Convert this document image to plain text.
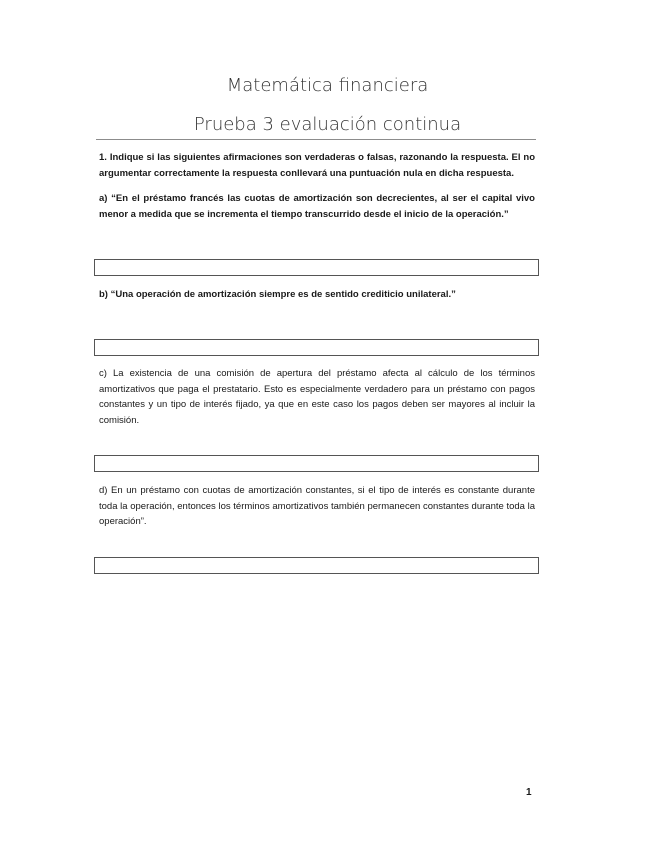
Matemática financiera
Prueba 3 evaluación continua
1. Indique si las siguientes afirmaciones son verdaderas o falsas, razonando la respuesta. El no argumentar correctamente la respuesta conllevará una puntuación nula en dicha respuesta.
a) “En el préstamo francés las cuotas de amortización son decrecientes, al ser el capital vivo menor a medida que se incrementa el tiempo transcurrido desde el inicio de la operación.”
b) “Una operación de amortización siempre es de sentido crediticio unilateral.”
c) La existencia de una comisión de apertura del préstamo afecta al cálculo de los términos amortizativos que paga el prestatario. Esto es especialmente verdadero para un préstamo con pagos constantes y un tipo de interés fijado, ya que en este caso los pagos deben ser mayores al incluir la comisión.
d) En un préstamo con cuotas de amortización constantes, si el tipo de interés es constante durante toda la operación, entonces los términos amortizativos también permanecen constantes durante toda la operación”.
1
